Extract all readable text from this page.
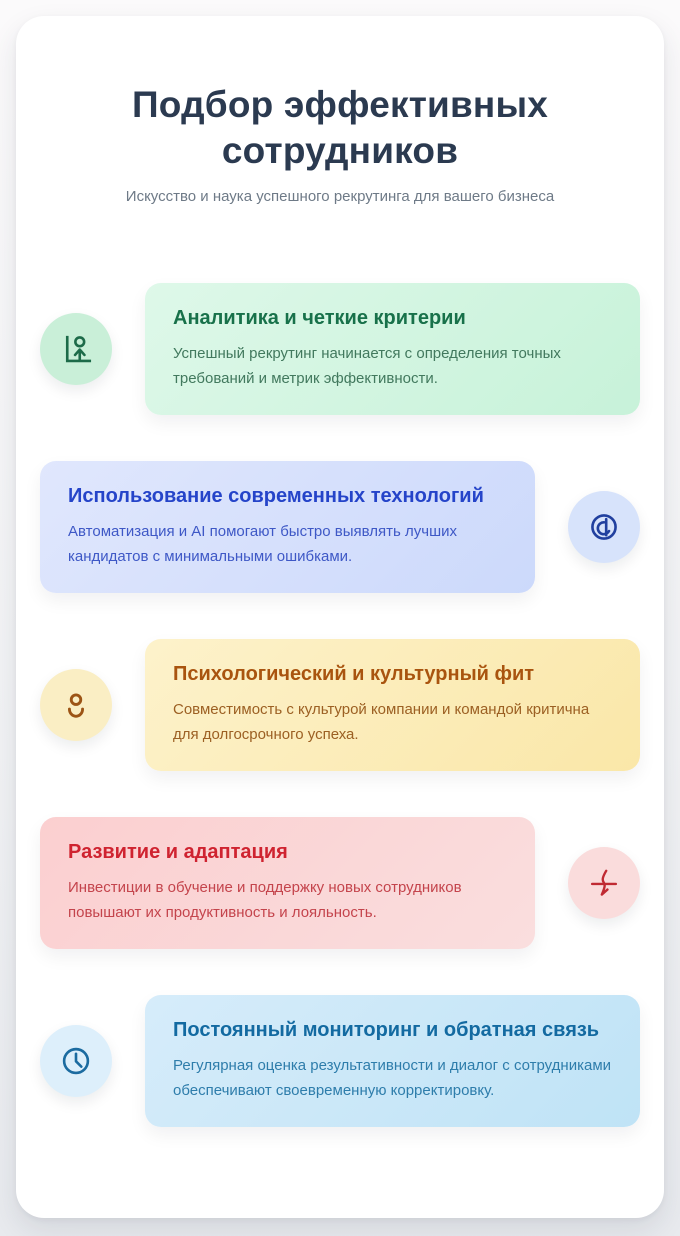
Подбор эффективных сотрудников
Искусство и наука успешного рекрутинга для вашего бизнеса
Аналитика и четкие критерии

Успешный рекрутинг начинается с определения точных требований и метрик эффективности.

Использование современных технологий

Автоматизация и AI помогают быстро выявлять лучших кандидатов с минимальными ошибками.

Психологический и культурный фит

Совместимость с культурой компании и командой критична для долгосрочного успеха.

Развитие и адаптация

Инвестиции в обучение и поддержку новых сотрудников повышают их продуктивность и лояльность.

Постоянный мониторинг и обратная связь

Регулярная оценка результативности и диалог с сотрудниками обеспечивают своевременную корректировку.
